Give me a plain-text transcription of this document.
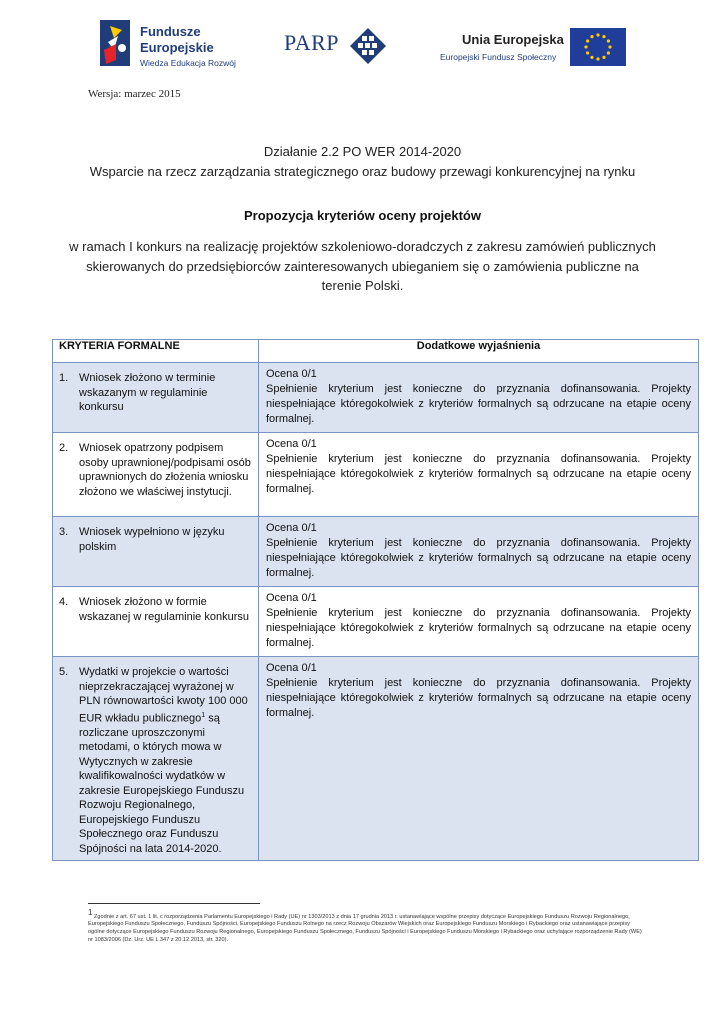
Fundusze
Europejskie
Wiedza Edukacja Rozwój
PARP	Unia Europejska
Europejski Fundusz Społeczny
Wersja: marzec 2015
Działanie 2.2 PO WER 2014-2020
Wsparcie na rzecz zarządzania strategicznego oraz budowy przewagi konkurencyjnej na rynku
Propozycja kryteriów oceny projektów
w ramach I konkurs na realizację projektów szkoleniowo-doradczych z zakresu zamówień publicznych
skierowanych do przedsiębiorców zainteresowanych ubieganiem się o zamówienia publiczne na
terenie Polski.
KRYTERIA FORMALNE	Dodatkowe wyjaśnienia
1. Wniosek złożono w terminie wskazanym w regulaminie konkursu	Ocena 0/1
Spełnienie kryterium jest konieczne do przyznania dofinansowania. Projekty niespełniające któregokolwiek z kryteriów formalnych są odrzucane na etapie oceny formalnej.

2. Wniosek opatrzony podpisem osoby uprawnionej/podpisami osób uprawnionych do złożenia wniosku złożono we właściwej instytucji.	Ocena 0/1
Spełnienie kryterium jest konieczne do przyznania dofinansowania. Projekty niespełniające któregokolwiek z kryteriów formalnych są odrzucane na etapie oceny formalnej.

3. Wniosek wypełniono w języku polskim	Ocena 0/1
Spełnienie kryterium jest konieczne do przyznania dofinansowania. Projekty niespełniające któregokolwiek z kryteriów formalnych są odrzucane na etapie oceny formalnej.

4. Wniosek złożono w formie wskazanej w regulaminie konkursu	Ocena 0/1
Spełnienie kryterium jest konieczne do przyznania dofinansowania. Projekty niespełniające któregokolwiek z kryteriów formalnych są odrzucane na etapie oceny formalnej.

5. Wydatki w projekcie o wartości nieprzekraczającej wyrażonej w PLN równowartości kwoty 100 000 EUR wkładu publicznego$^1$ są rozliczane uproszczonymi metodami, o których mowa w Wytycznych w zakresie kwalifikowalności wydatków w zakresie Europejskiego Funduszu Rozwoju Regionalnego, Europejskiego Funduszu Społecznego oraz Funduszu Spójności na lata 2014-2020.	Ocena 0/1
Spełnienie kryterium jest konieczne do przyznania dofinansowania. Projekty niespełniające któregokolwiek z kryteriów formalnych są odrzucane na etapie oceny formalnej.
$^1$ Zgodnie z art. 67 ust. 1 lit. c rozporządzenia Parlamentu Europejskiego i Rady (UE) nr 1303/2013 z dnia 17 grudnia 2013 r. ustanawiające wspólne przepisy dotyczące Europejskiego Funduszu Rozwoju Regionalnego, Europejskiego Funduszu Społecznego, Funduszu Spójności, Europejskiego Funduszu Rolnego na rzecz Rozwoju Obszarów Wiejskich oraz Europejskiego Funduszu Morskiego i Rybackiego oraz ustanawiające przepisy ogólne dotyczące Europejskiego Funduszu Rozwoju Regionalnego, Europejskiego Funduszu Społecznego, Funduszu Spójności i Europejskiego Funduszu Morskiego i Rybackiego oraz uchylające rozporządzenie Rady (WE) nr 1083/2006 (Dz. Urz. UE L 347 z 20.12.2013, str. 320).
